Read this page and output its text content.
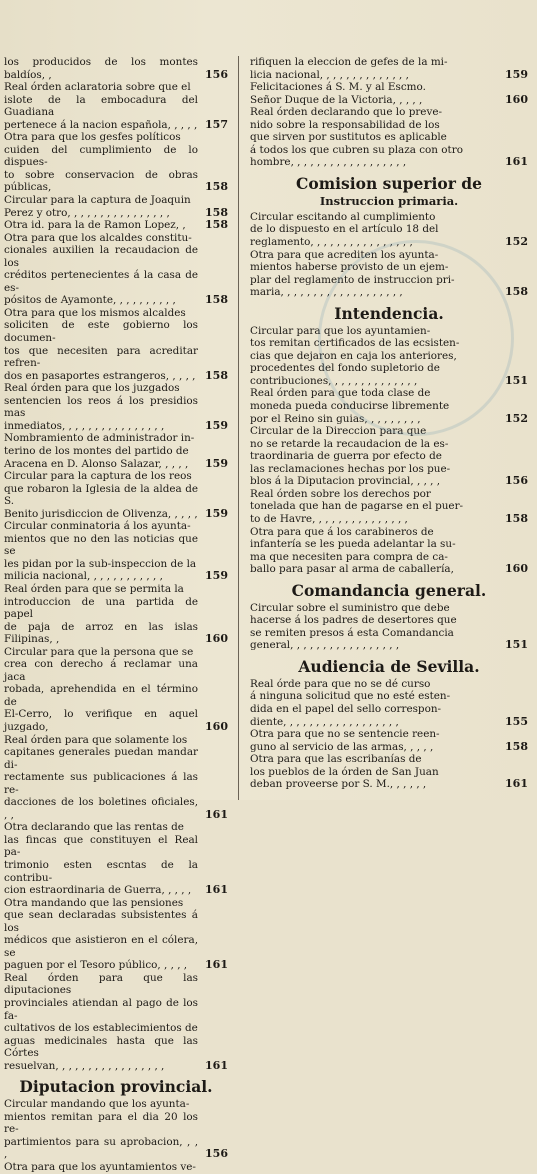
los producidos de los montes baldíos, ,	156
Real órden aclaratoria sobre que el
islote de la embocadura del Guadiana
pertenece á la nacion española, , , , , 157
Otra para que los gesfes políticos
cuiden del cumplimiento de lo dispues-
to sobre conservacion de obras públicas,	158
Circular para la captura de Joaquin
Perez y otro, , , , , , , , , , , , , , , ,	158
Otra id. para la de Ramon Lopez, ,	158
Otra para que los alcaldes constitu-
cionales auxilien la recaudacion de los
créditos pertenecientes á la casa de es-
pósitos de Ayamonte, , , , , , , , , ,	158
Otra para que los mismos alcaldes
soliciten de este gobierno los documen-
tos que necesiten para acreditar refren-
dos en pasaportes estrangeros, , , , , 158
Real órden para que los juzgados
sentencien los reos á los presidios mas
inmediatos, , , , , , , , , , , , , , , ,	159
Nombramiento de administrador in-
terino de los montes del partido de
Aracena en D. Alonso Salazar, , , , ,	159
Circular para la captura de los reos
que robaron la Iglesia de la aldea de S.
Benito jurisdiccion de Olivenza, , , , , 159
Circular conminatoria á los ayunta-
mientos que no den las noticias que se
les pidan por la sub-inspeccion de la
milicia nacional, , , , , , , , , , , ,	159
Real órden para que se permita la
introduccion de una partida de papel
de paja de arroz en las islas Filipinas, ,	160
Circular para que la persona que se
crea con derecho á reclamar una jaca
robada, aprehendida en el término de
El-Cerro, lo verifique en aquel juzgado,	160
Real órden para que solamente los
capitanes generales puedan mandar di-
rectamente sus publicaciones á las re-
dacciones de los boletines oficiales, , ,	161
Otra declarando que las rentas de
las fincas que constituyen el Real pa-
trimonio esten escntas de la contribu-
cion estraordinaria de Guerra, , , , ,	161
Otra mandando que las pensiones
que sean declaradas subsistentes á los
médicos que asistieron en el cólera, se
paguen por el Tesoro público, , , , ,	161
Real órden para que las diputaciones
provinciales atiendan al pago de los fa-
cultativos de los establecimientos de
aguas medicinales hasta que las Córtes
resuelvan, , , , , , , , , , , , , , , , ,	161
Diputacion provincial.
Circular mandando que los ayunta-
mientos remitan para el dia 20 los re-
partimientos para su aprobacion, , , ,	156
Otra para que los ayuntamientos ve-
rifiquen la eleccion de gefes de la mi-
licia nacional, , , , , , , , , , , , , ,	159
Felicitaciones á S. M. y al Escmo.
Señor Duque de la Victoria, , , , ,	160
Real órden declarando que lo preve-
nido sobre la responsabilidad de los
que sirven por sustitutos es aplicable
á todos los que cubren su plaza con otro
hombre, , , , , , , , , , , , , , , , , ,	161
Comision superior de
Instruccion primaria.
Circular escitando al cumplimiento
de lo dispuesto en el artículo 18 del
reglamento, , , , , , , , , , , , , , , ,	152
Otra para que acrediten los ayunta-
mientos haberse provisto de un ejem-
plar del reglamento de instruccion pri-
maria, , , , , , , , , , , , , , , , , , ,	158
Intendencia.
Circular para que los ayuntamien-
tos remitan certificados de las ecsisten-
cias que dejaron en caja los anteriores,
procedentes del fondo supletorio de
contribuciones, , , , , , , , , , , , , ,	151
Real órden para que toda clase de
moneda pueda conducirse libremente
por el Reino sin guias, , , , , , , , ,	152
Circular de la Direccion para que
no se retarde la recaudacion de la es-
traordinaria de guerra por efecto de
las reclamaciones hechas por los pue-
blos á la Diputacion provincial, , , , ,	156
Real órden sobre los derechos por
tonelada que han de pagarse en el puer-
to de Havre, , , , , , , , , , , , , , ,	158
Otra para que á los carabineros de
infantería se les pueda adelantar la su-
ma que necesiten para compra de ca-
ballo para pasar al arma de caballería,	160
Comandancia general.
Circular sobre el suministro que debe
hacerse á los padres de desertores que
se remiten presos á esta Comandancia
general, , , , , , , , , , , , , , , , ,	151
Audiencia de Sevilla.
Real órde para que no se dé curso
á ninguna solicitud que no esté esten-
dida en el papel del sello correspon-
diente, , , , , , , , , , , , , , , , , ,	155
Otra para que no se sentencie reen-
guno al servicio de las armas, , , , ,	158
Otra para que las escribanías de
los pueblos de la órden de San Juan
deban proveerse por S. M., , , , , ,	161
